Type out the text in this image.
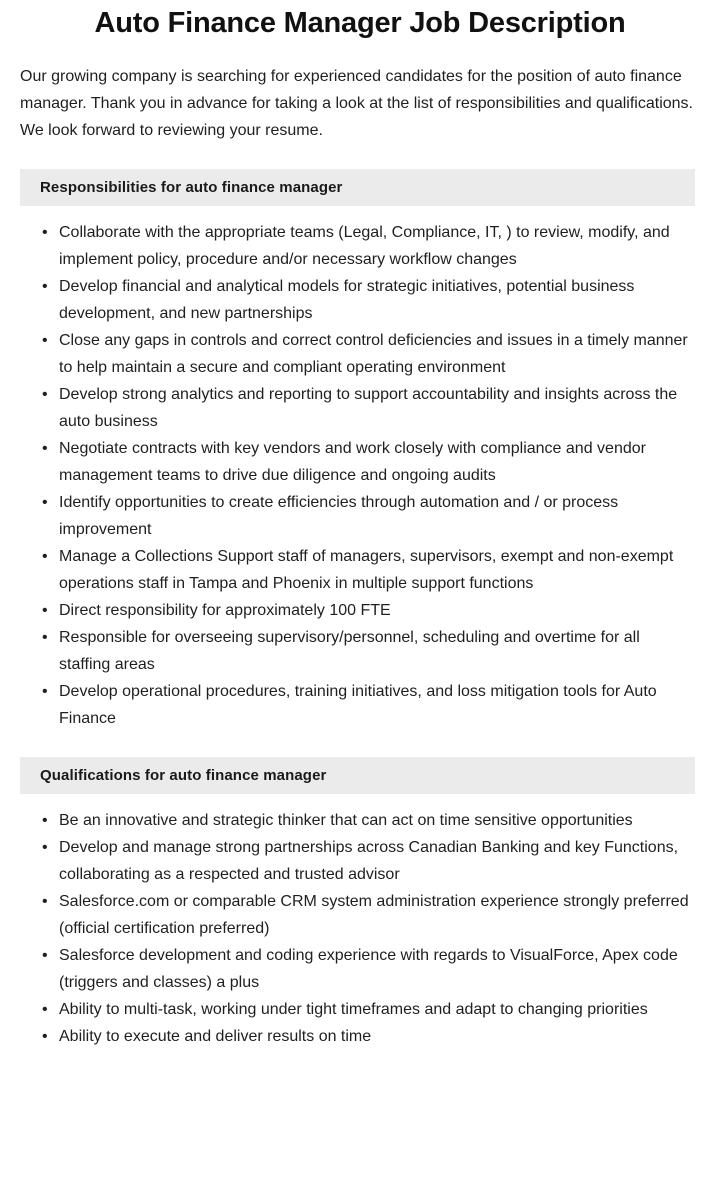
Auto Finance Manager Job Description

Our growing company is searching for experienced candidates for the position of auto finance manager. Thank you in advance for taking a look at the list of responsibilities and qualifications. We look forward to reviewing your resume.

Responsibilities for auto finance manager
• Collaborate with the appropriate teams (Legal, Compliance, IT, ) to review, modify, and implement policy, procedure and/or necessary workflow changes
• Develop financial and analytical models for strategic initiatives, potential business development, and new partnerships
• Close any gaps in controls and correct control deficiencies and issues in a timely manner to help maintain a secure and compliant operating environment
• Develop strong analytics and reporting to support accountability and insights across the auto business
• Negotiate contracts with key vendors and work closely with compliance and vendor management teams to drive due diligence and ongoing audits
• Identify opportunities to create efficiencies through automation and / or process improvement
• Manage a Collections Support staff of managers, supervisors, exempt and non-exempt operations staff in Tampa and Phoenix in multiple support functions
• Direct responsibility for approximately 100 FTE
• Responsible for overseeing supervisory/personnel, scheduling and overtime for all staffing areas
• Develop operational procedures, training initiatives, and loss mitigation tools for Auto Finance
Qualifications for auto finance manager
• Be an innovative and strategic thinker that can act on time sensitive opportunities
• Develop and manage strong partnerships across Canadian Banking and key Functions, collaborating as a respected and trusted advisor
• Salesforce.com or comparable CRM system administration experience strongly preferred (official certification preferred)
• Salesforce development and coding experience with regards to VisualForce, Apex code (triggers and classes) a plus
• Ability to multi-task, working under tight timeframes and adapt to changing priorities
• Ability to execute and deliver results on time
